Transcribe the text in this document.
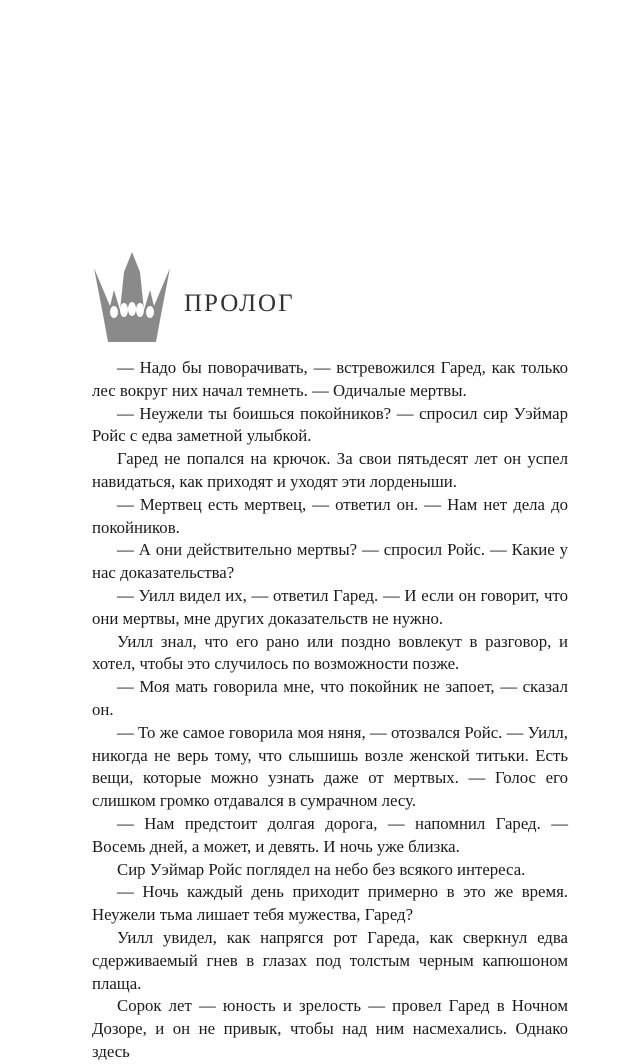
ПРОЛОГ

— Надо бы поворачивать, — встревожился Гаред, как только лес вокруг них начал темнеть. — Одичалые мертвы.

— Неужели ты боишься покойников? — спросил сир Уэймар Ройс с едва заметной улыбкой.

Гаред не попался на крючок. За свои пятьдесят лет он успел навидаться, как приходят и уходят эти лорденыши.

— Мертвец есть мертвец, — ответил он. — Нам нет дела до покойников.

— А они действительно мертвы? — спросил Ройс. — Какие у нас доказательства?

— Уилл видел их, — ответил Гаред. — И если он говорит, что они мертвы, мне других доказательств не нужно.

Уилл знал, что его рано или поздно вовлекут в разговор, и хотел, чтобы это случилось по возможности позже.

— Моя мать говорила мне, что покойник не запоет, — сказал он.

— То же самое говорила моя няня, — отозвался Ройс. — Уилл, никогда не верь тому, что слышишь возле женской титьки. Есть вещи, которые можно узнать даже от мертвых. — Голос его слишком громко отдавался в сумрачном лесу.

— Нам предстоит долгая дорога, — напомнил Гаред. — Восемь дней, а может, и девять. И ночь уже близка.

Сир Уэймар Ройс поглядел на небо без всякого интереса.

— Ночь каждый день приходит примерно в это же время. Неужели тьма лишает тебя мужества, Гаред?

Уилл увидел, как напрягся рот Гареда, как сверкнул едва сдерживаемый гнев в глазах под толстым черным капюшоном плаща.

Сорок лет — юность и зрелость — провел Гаред в Ночном Дозоре, и он не привык, чтобы над ним насмехались. Однако здесь
